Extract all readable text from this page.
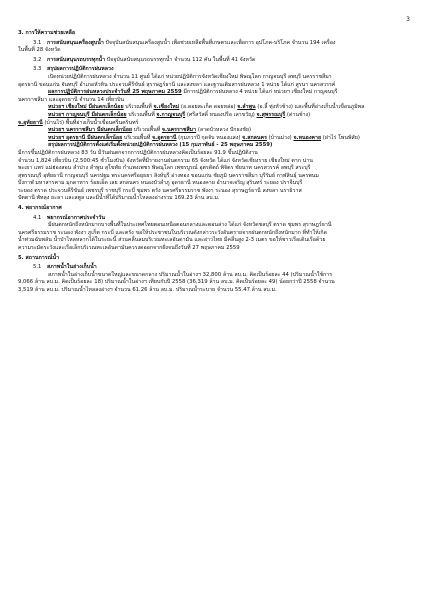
3

3. การให้ความช่วยเหลือ

3.1 การสนับสนุนเครื่องสูบน้ำ ปัจจุบันสนับสนุนเครื่องสูบน้ำ เพื่อช่วยเหลือพื้นที่เกษตรและเพื่อการ อุปโภค-บริโภค จำนวน 194 เครื่อง

ในพื้นที่ 28 จังหวัด

3.2 การสนับสนุนรถบรรทุกน้ำ ปัจจุบันสนับสนุนรถบรรทุกน้ำ จำนวน 112 คัน ในพื้นที่ 41 จังหวัด

3.3 สรุปผลการปฏิบัติการฝนหลวง

เปิดหน่วยปฏิบัติการฝนหลวง จำนวน 11 ศูนย์ ได้แก่ หน่วยปฏิบัติการจังหวัดเชียงใหม่ พิษณุโลก กาญจนบุรี ลพบุรี นครราชสีมา

อุดรธานี ขอนแก่น จันทบุรี อำเภอหัวหิน ประจวบคีรีขันธ์ สุราษฎร์ธานี และสงขลา และฐานเติมสารฝนหลวง 1 หน่วย ได้แก่ สูรนา นครสวรรค์

ผลการปฏิบัติการฝนหลวงประจำวันที่ 25 พฤษภาคม 2559 มีการปฏิบัติการฝนหลวง 4 หน่วย ได้แก่ หน่วยฯ เชียงใหม่ กาญจนบุรี

นครราชสีมา และอุดรธานี จำนวน 14 เที่ยวบิน

หน่วยฯ เชียงใหม่ มีฝนตกเล็กน้อย บริเวณพื้นที่ จ.เชียงใหม่ (อ.ดอยสะเก็ด ดอยหล่อ) จ.ลำพูน (อ.ลี้ ทุ่งหัวช้าง) และพื้นที่อ่างเก็บน้ำเขื่อนภูมิพล

หน่วยฯ กาญจนบุรี มีฝนตกเล็กน้อย บริเวณพื้นที่ จ.กาญจนบุรี (ศรีสวัสดิ์ หนองปรือ เลาขวัญ) จ.สุพรรณบุรี (ด่านช้าง)

จ.อุทัยธานี (บ้านไร่) พื้นที่อ่างเก็บน้ำเขื่อนศรีนครินทร์

หน่วยฯ นครราชสีมา มีฝนตกเล็กน้อย บริเวณพื้นที่ จ.นครราชสีมา (ลาดบัวหลวง ปักธงชัย)

หน่วยฯ อุดรธานี มีฝนตกเล็กน้อย บริเวณพื้นที่ จ.อุดรธานี (กุมภวาปี กุดจับ หนองแสง) จ.สกลนคร (บ้านม่วง) จ.หนองคาย (ฝาไร่ โพนพิสัย)

สรุปผลการปฏิบัติการตั้งแต่เริ่มตั้งหน่วยปฏิบัติการฝนหลวง (15 กุมภาพันธ์ - 25 พฤษภาคม 2559)

มีการขึ้นปฏิบัติการฝนหลวง 83 วัน มีวันฝนตกจากการปฏิบัติการฝนหลวงคิดเป็นร้อยละ 91.9 ขึ้นปฏิบัติงาน

จำนวน 1,824 เที่ยวบิน (2,500:45 ชั่วโมงบิน) จังหวัดที่มีรายงานฝนตกรวม 65 จังหวัด ได้แก่ จังหวัดเชียงราย เชียงใหม่ ตาก น่าน

พะเยา แพร่ แม่ฮ่องสอน ลำปาง ลำพูน สุโขทัย กำแพงเพชร พิษณุโลก เพชรบูรณ์ อุตรดิตถ์ พิจิตร ชัยนาท นครสวรรค์ ลพบุรี สระบุรี

สุพรรณบุรี อุทัยธานี กาญจนบุรี นครปฐม พระนครศรีอยุธยา สิงห์บุรี อ่างทอง ขอนแก่น ชัยภูมิ นครราชสีมา บุรีรัมย์ กาฬสินธุ์ นครพนม

บึงกาฬ มหาสารคาม มุกดาหาร ร้อยเอ็ด เลย สกลนคร หนองบัวลำภู อุดรธานี หนองคาย อำนาจเจริญ สุรินทร์ ระยอง ปราจีนบุรี

ระยอง ตราด ประจวบคีรีขันธ์ เพชรบุรี ราชบุรี กระบี่ ชุมพร ตรัง นครศรีธรรมราช พังงา ระนอง สุราษฎร์ธานี สงขลา นราธิวาส

ปัตตานี พัทลุง ยะลา และสตูล และมีน้ำที่ได้ปริมาณน้ำไหลลงอ่างรวม 169.23 ล้าน ลบ.ม.

4. พยากรณ์อากาศ

4.1 พยากรณ์อากาศประจำวัน

มีฝนตกหนักถึงหนักมากบางพื้นที่ในประเทศไทยตอนเหนือตอนกลางและตอนล่าง ได้แก่ จังหวัดชลบุรี ตราด ชุมพร สุราษฎร์ธานี

นครศรีธรรมราช ระนอง พังงา ภูเก็ต กระบี่ และตรัง ขอให้ประชาชนในบริเวณดังกล่าวระวังอันตรายจากฝนตกหนักถึงหนักมาก ที่ทำให้เกิด

น้ำท่วมฉับพลัน น้ำป่าไหลหลากได้ในระยะนี้ ส่วนคลื่นลมบริเวณทะเลอันดามัน และอ่าวไทย มีคลื่นสูง 2-3 เมตร ขอให้ชาวเรือเดินเรือด้วย

ความระมัดระวังและเรือเล็กบริเวณทะเลอันดามันควรงดออกจากฝั่งจนถึงวันที่ 27 พฤษภาคม 2559

5. สถานการณ์น้ำ

5.1 สภาพน้ำในอ่างเก็บน้ำ

สภาพน้ำในอ่างเก็บน้ำขนาดใหญ่และขนาดกลาง ปริมาณน้ำในอ่างฯ 32,800 ล้าน ลบ.ม. คิดเป็นร้อยละ 44 (ปริมาณน้ำใช้การ

9,066 ล้าน ลบ.ม. คิดเป็นร้อยละ 18) ปริมาณน้ำในอ่างฯ เทียบกับปี 2558 (36,319 ล้าน ลบ.ม. คิดเป็นร้อยละ 49) น้อยกว่าปี 2558 จำนวน

3,519 ล้าน ลบ.ม. ปริมาณน้ำไหลลงอ่างฯ จำนวน 61.26 ล้าน ลบ.ม. ปริมาณน้ำระบาย จำนวน 55.47 ล้าน ลบ.ม.
